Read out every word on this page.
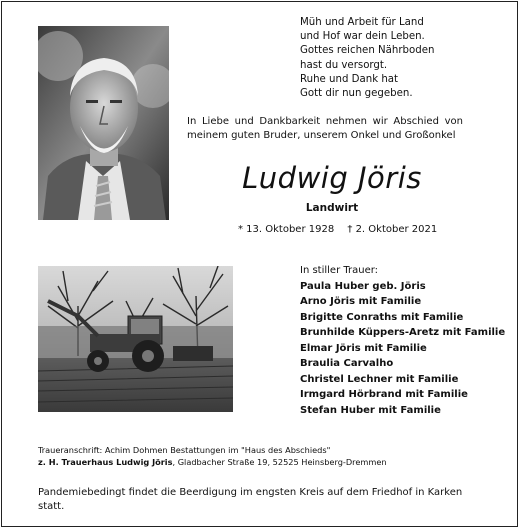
Müh und Arbeit für Land
und Hof war dein Leben.
Gottes reichen Nährboden
hast du versorgt.
Ruhe und Dank hat
Gott dir nun gegeben.
In Liebe und Dankbarkeit nehmen wir Abschied von
meinem guten Bruder, unserem Onkel und Großonkel
Ludwig Jöris
Landwirt
* 13. Oktober 1928 † 2. Oktober 2021
In stiller Trauer:
Paula Huber geb. Jöris
Arno Jöris mit Familie
Brigitte Conraths mit Familie
Brunhilde Küppers-Aretz mit Familie
Elmar Jöris mit Familie
Braulia Carvalho
Christel Lechner mit Familie
Irmgard Hörbrand mit Familie
Stefan Huber mit Familie
Traueranschrift: Achim Dohmen Bestattungen im "Haus des Abschieds"
z. H. Trauerhaus Ludwig Jöris, Gladbacher Straße 19, 52525 Heinsberg-Dremmen
Pandemiebedingt findet die Beerdigung im engsten Kreis auf dem Friedhof in Karken statt.
